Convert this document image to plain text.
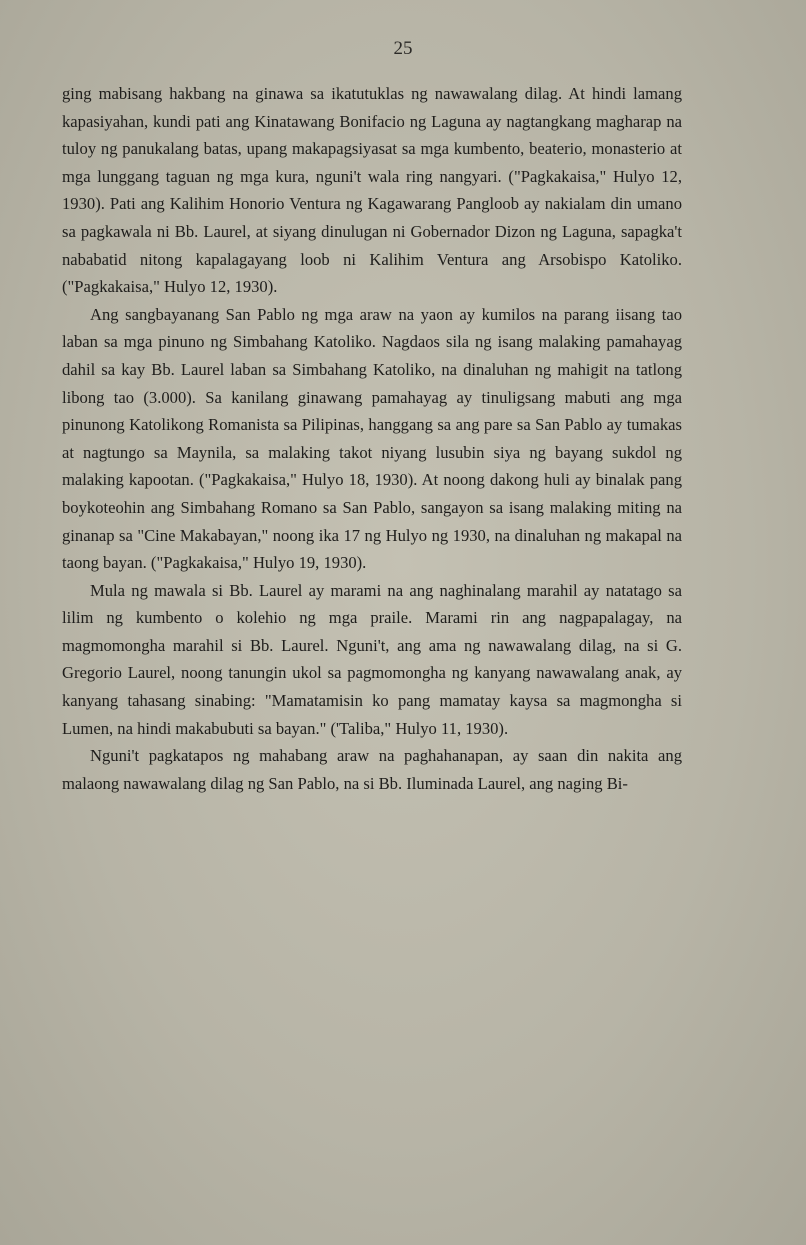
25

ging mabisang hakbang na ginawa sa ikatutuklas ng nawawalang dilag. At hindi lamang kapasiyahan, kundi pati ang Kinatawang Bonifacio ng Laguna ay nagtangkang magharap na tuloy ng panukalang batas, upang makapagsiyasat sa mga kumbento, beaterio, monasterio at mga lunggang taguan ng mga kura, nguni't wala ring nangyari. ("Pagkakaisa," Hulyo 12, 1930). Pati ang Kalihim Honorio Ventura ng Kagawarang Pangloob ay nakialam din umano sa pagkawala ni Bb. Laurel, at siyang dinulugan ni Gobernador Dizon ng Laguna, sapagka't nababatid nitong kapalagayang loob ni Kalihim Ventura ang Arsobispo Katoliko. ("Pagkakaisa," Hulyo 12, 1930).

Ang sangbayanang San Pablo ng mga araw na yaon ay kumilos na parang iisang tao laban sa mga pinuno ng Simbahang Katoliko. Nagdaos sila ng isang malaking pamahayag dahil sa kay Bb. Laurel laban sa Simbahang Katoliko, na dinaluhan ng mahigit na tatlong libong tao (3.000). Sa kanilang ginawang pamahayag ay tinuligsang mabuti ang mga pinunong Katolikong Romanista sa Pilipinas, hanggang sa ang pare sa San Pablo ay tumakas at nagtungo sa Maynila, sa malaking takot niyang lusubin siya ng bayang sukdol ng malaking kapootan. ("Pagkakaisa," Hulyo 18, 1930). At noong dakong huli ay binalak pang boykoteohin ang Simbahang Romano sa San Pablo, sangayon sa isang malaking miting na ginanap sa "Cine Makabayan," noong ika 17 ng Hulyo ng 1930, na dinaluhan ng makapal na taong bayan. ("Pagkakaisa," Hulyo 19, 1930).

Mula ng mawala si Bb. Laurel ay marami na ang naghinalang marahil ay natatago sa lilim ng kumbento o kolehio ng mga praile. Marami rin ang nagpapalagay, na magmomongha marahil si Bb. Laurel. Nguni't, ang ama ng nawawalang dilag, na si G. Gregorio Laurel, noong tanungin ukol sa pagmomongha ng kanyang nawawalang anak, ay kanyang tahasang sinabing: "Mamatamisin ko pang mamatay kaysa sa magmongha si Lumen, na hindi makabubuti sa bayan." ('Taliba," Hulyo 11, 1930).

Nguni't pagkatapos ng mahabang araw na paghahanapan, ay saan din nakita ang malaong nawawalang dilag ng San Pablo, na si Bb. Iluminada Laurel, ang naging Bi-
